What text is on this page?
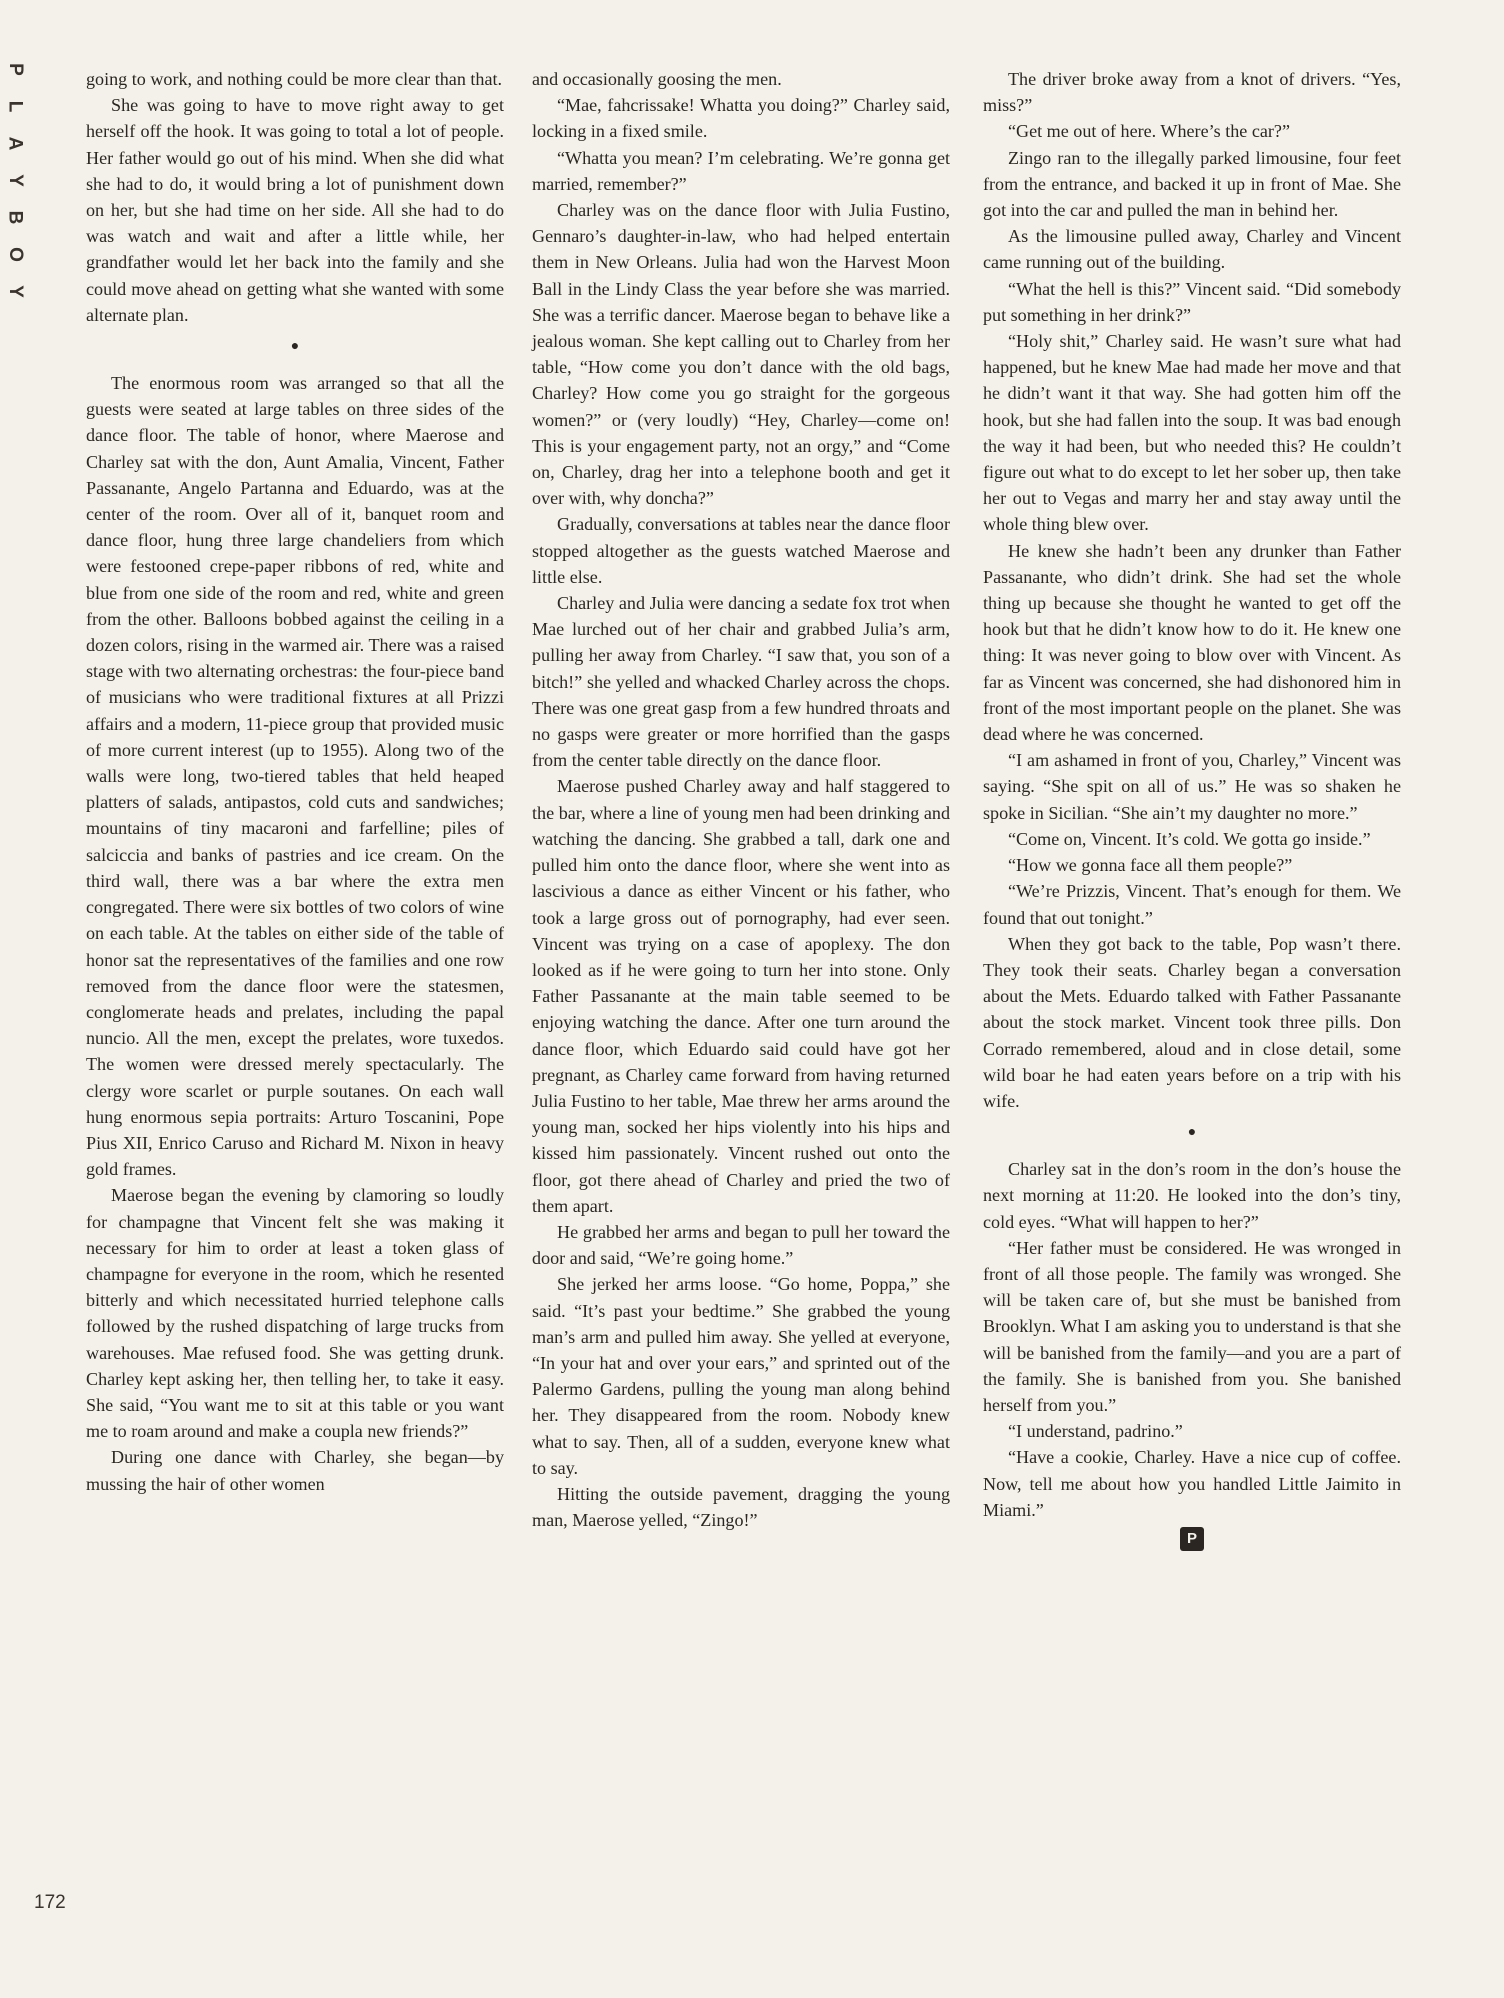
P
L
A
Y
B
O
Y

going to work, and nothing could be more clear than that.

She was going to have to move right away to get herself off the hook. It was going to total a lot of people. Her father would go out of his mind. When she did what she had to do, it would bring a lot of punishment down on her, but she had time on her side. All she had to do was watch and wait and after a little while, her grandfather would let her back into the family and she could move ahead on getting what she wanted with some alternate plan.

●

The enormous room was arranged so that all the guests were seated at large tables on three sides of the dance floor. The table of honor, where Maerose and Charley sat with the don, Aunt Amalia, Vincent, Father Passanante, Angelo Partanna and Eduardo, was at the center of the room. Over all of it, banquet room and dance floor, hung three large chandeliers from which were festooned crepe-paper ribbons of red, white and blue from one side of the room and red, white and green from the other. Balloons bobbed against the ceiling in a dozen colors, rising in the warmed air. There was a raised stage with two alternating orchestras: the four-piece band of musicians who were traditional fixtures at all Prizzi affairs and a modern, 11-piece group that provided music of more current interest (up to 1955). Along two of the walls were long, two-tiered tables that held heaped platters of salads, antipastos, cold cuts and sandwiches; mountains of tiny macaroni and farfelline; piles of salciccia and banks of pastries and ice cream. On the third wall, there was a bar where the extra men congregated. There were six bottles of two colors of wine on each table. At the tables on either side of the table of honor sat the representatives of the families and one row removed from the dance floor were the statesmen, conglomerate heads and prelates, including the papal nuncio. All the men, except the prelates, wore tuxedos. The women were dressed merely spectacularly. The clergy wore scarlet or purple soutanes. On each wall hung enormous sepia portraits: Arturo Toscanini, Pope Pius XII, Enrico Caruso and Richard M. Nixon in heavy gold frames.

Maerose began the evening by clamoring so loudly for champagne that Vincent felt she was making it necessary for him to order at least a token glass of champagne for everyone in the room, which he resented bitterly and which necessitated hurried telephone calls followed by the rushed dispatching of large trucks from warehouses. Mae refused food. She was getting drunk. Charley kept asking her, then telling her, to take it easy. She said, “You want me to sit at this table or you want me to roam around and make a coupla new friends?”

During one dance with Charley, she began—by mussing the hair of other women

and occasionally goosing the men.

“Mae, fahcrissake! Whatta you doing?” Charley said, locking in a fixed smile.

“Whatta you mean? I’m celebrating. We’re gonna get married, remember?”

Charley was on the dance floor with Julia Fustino, Gennaro’s daughter-in-law, who had helped entertain them in New Orleans. Julia had won the Harvest Moon Ball in the Lindy Class the year before she was married. She was a terrific dancer. Maerose began to behave like a jealous woman. She kept calling out to Charley from her table, “How come you don’t dance with the old bags, Charley? How come you go straight for the gorgeous women?” or (very loudly) “Hey, Charley—come on! This is your engagement party, not an orgy,” and “Come on, Charley, drag her into a telephone booth and get it over with, why doncha?”

Gradually, conversations at tables near the dance floor stopped altogether as the guests watched Maerose and little else.

Charley and Julia were dancing a sedate fox trot when Mae lurched out of her chair and grabbed Julia’s arm, pulling her away from Charley. “I saw that, you son of a bitch!” she yelled and whacked Charley across the chops. There was one great gasp from a few hundred throats and no gasps were greater or more horrified than the gasps from the center table directly on the dance floor.

Maerose pushed Charley away and half staggered to the bar, where a line of young men had been drinking and watching the dancing. She grabbed a tall, dark one and pulled him onto the dance floor, where she went into as lascivious a dance as either Vincent or his father, who took a large gross out of pornography, had ever seen. Vincent was trying on a case of apoplexy. The don looked as if he were going to turn her into stone. Only Father Passanante at the main table seemed to be enjoying watching the dance. After one turn around the dance floor, which Eduardo said could have got her pregnant, as Charley came forward from having returned Julia Fustino to her table, Mae threw her arms around the young man, socked her hips violently into his hips and kissed him passionately. Vincent rushed out onto the floor, got there ahead of Charley and pried the two of them apart.

He grabbed her arms and began to pull her toward the door and said, “We’re going home.”

She jerked her arms loose. “Go home, Poppa,” she said. “It’s past your bedtime.” She grabbed the young man’s arm and pulled him away. She yelled at everyone, “In your hat and over your ears,” and sprinted out of the Palermo Gardens, pulling the young man along behind her. They disappeared from the room. Nobody knew what to say. Then, all of a sudden, everyone knew what to say.

Hitting the outside pavement, dragging the young man, Maerose yelled, “Zingo!”

The driver broke away from a knot of drivers. “Yes, miss?”

“Get me out of here. Where’s the car?”

Zingo ran to the illegally parked limousine, four feet from the entrance, and backed it up in front of Mae. She got into the car and pulled the man in behind her.

As the limousine pulled away, Charley and Vincent came running out of the building.

“What the hell is this?” Vincent said. “Did somebody put something in her drink?”

“Holy shit,” Charley said. He wasn’t sure what had happened, but he knew Mae had made her move and that he didn’t want it that way. She had gotten him off the hook, but she had fallen into the soup. It was bad enough the way it had been, but who needed this? He couldn’t figure out what to do except to let her sober up, then take her out to Vegas and marry her and stay away until the whole thing blew over.

He knew she hadn’t been any drunker than Father Passanante, who didn’t drink. She had set the whole thing up because she thought he wanted to get off the hook but that he didn’t know how to do it. He knew one thing: It was never going to blow over with Vincent. As far as Vincent was concerned, she had dishonored him in front of the most important people on the planet. She was dead where he was concerned.

“I am ashamed in front of you, Charley,” Vincent was saying. “She spit on all of us.” He was so shaken he spoke in Sicilian. “She ain’t my daughter no more.”

“Come on, Vincent. It’s cold. We gotta go inside.”

“How we gonna face all them people?”

“We’re Prizzis, Vincent. That’s enough for them. We found that out tonight.”

When they got back to the table, Pop wasn’t there. They took their seats. Charley began a conversation about the Mets. Eduardo talked with Father Passanante about the stock market. Vincent took three pills. Don Corrado remembered, aloud and in close detail, some wild boar he had eaten years before on a trip with his wife.

●

Charley sat in the don’s room in the don’s house the next morning at 11:20. He looked into the don’s tiny, cold eyes. “What will happen to her?”

“Her father must be considered. He was wronged in front of all those people. The family was wronged. She will be taken care of, but she must be banished from Brooklyn. What I am asking you to understand is that she will be banished from the family—and you are a part of the family. She is banished from you. She banished herself from you.”

“I understand, padrino.”

“Have a cookie, Charley. Have a nice cup of coffee. Now, tell me about how you handled Little Jaimito in Miami.”

P
172
